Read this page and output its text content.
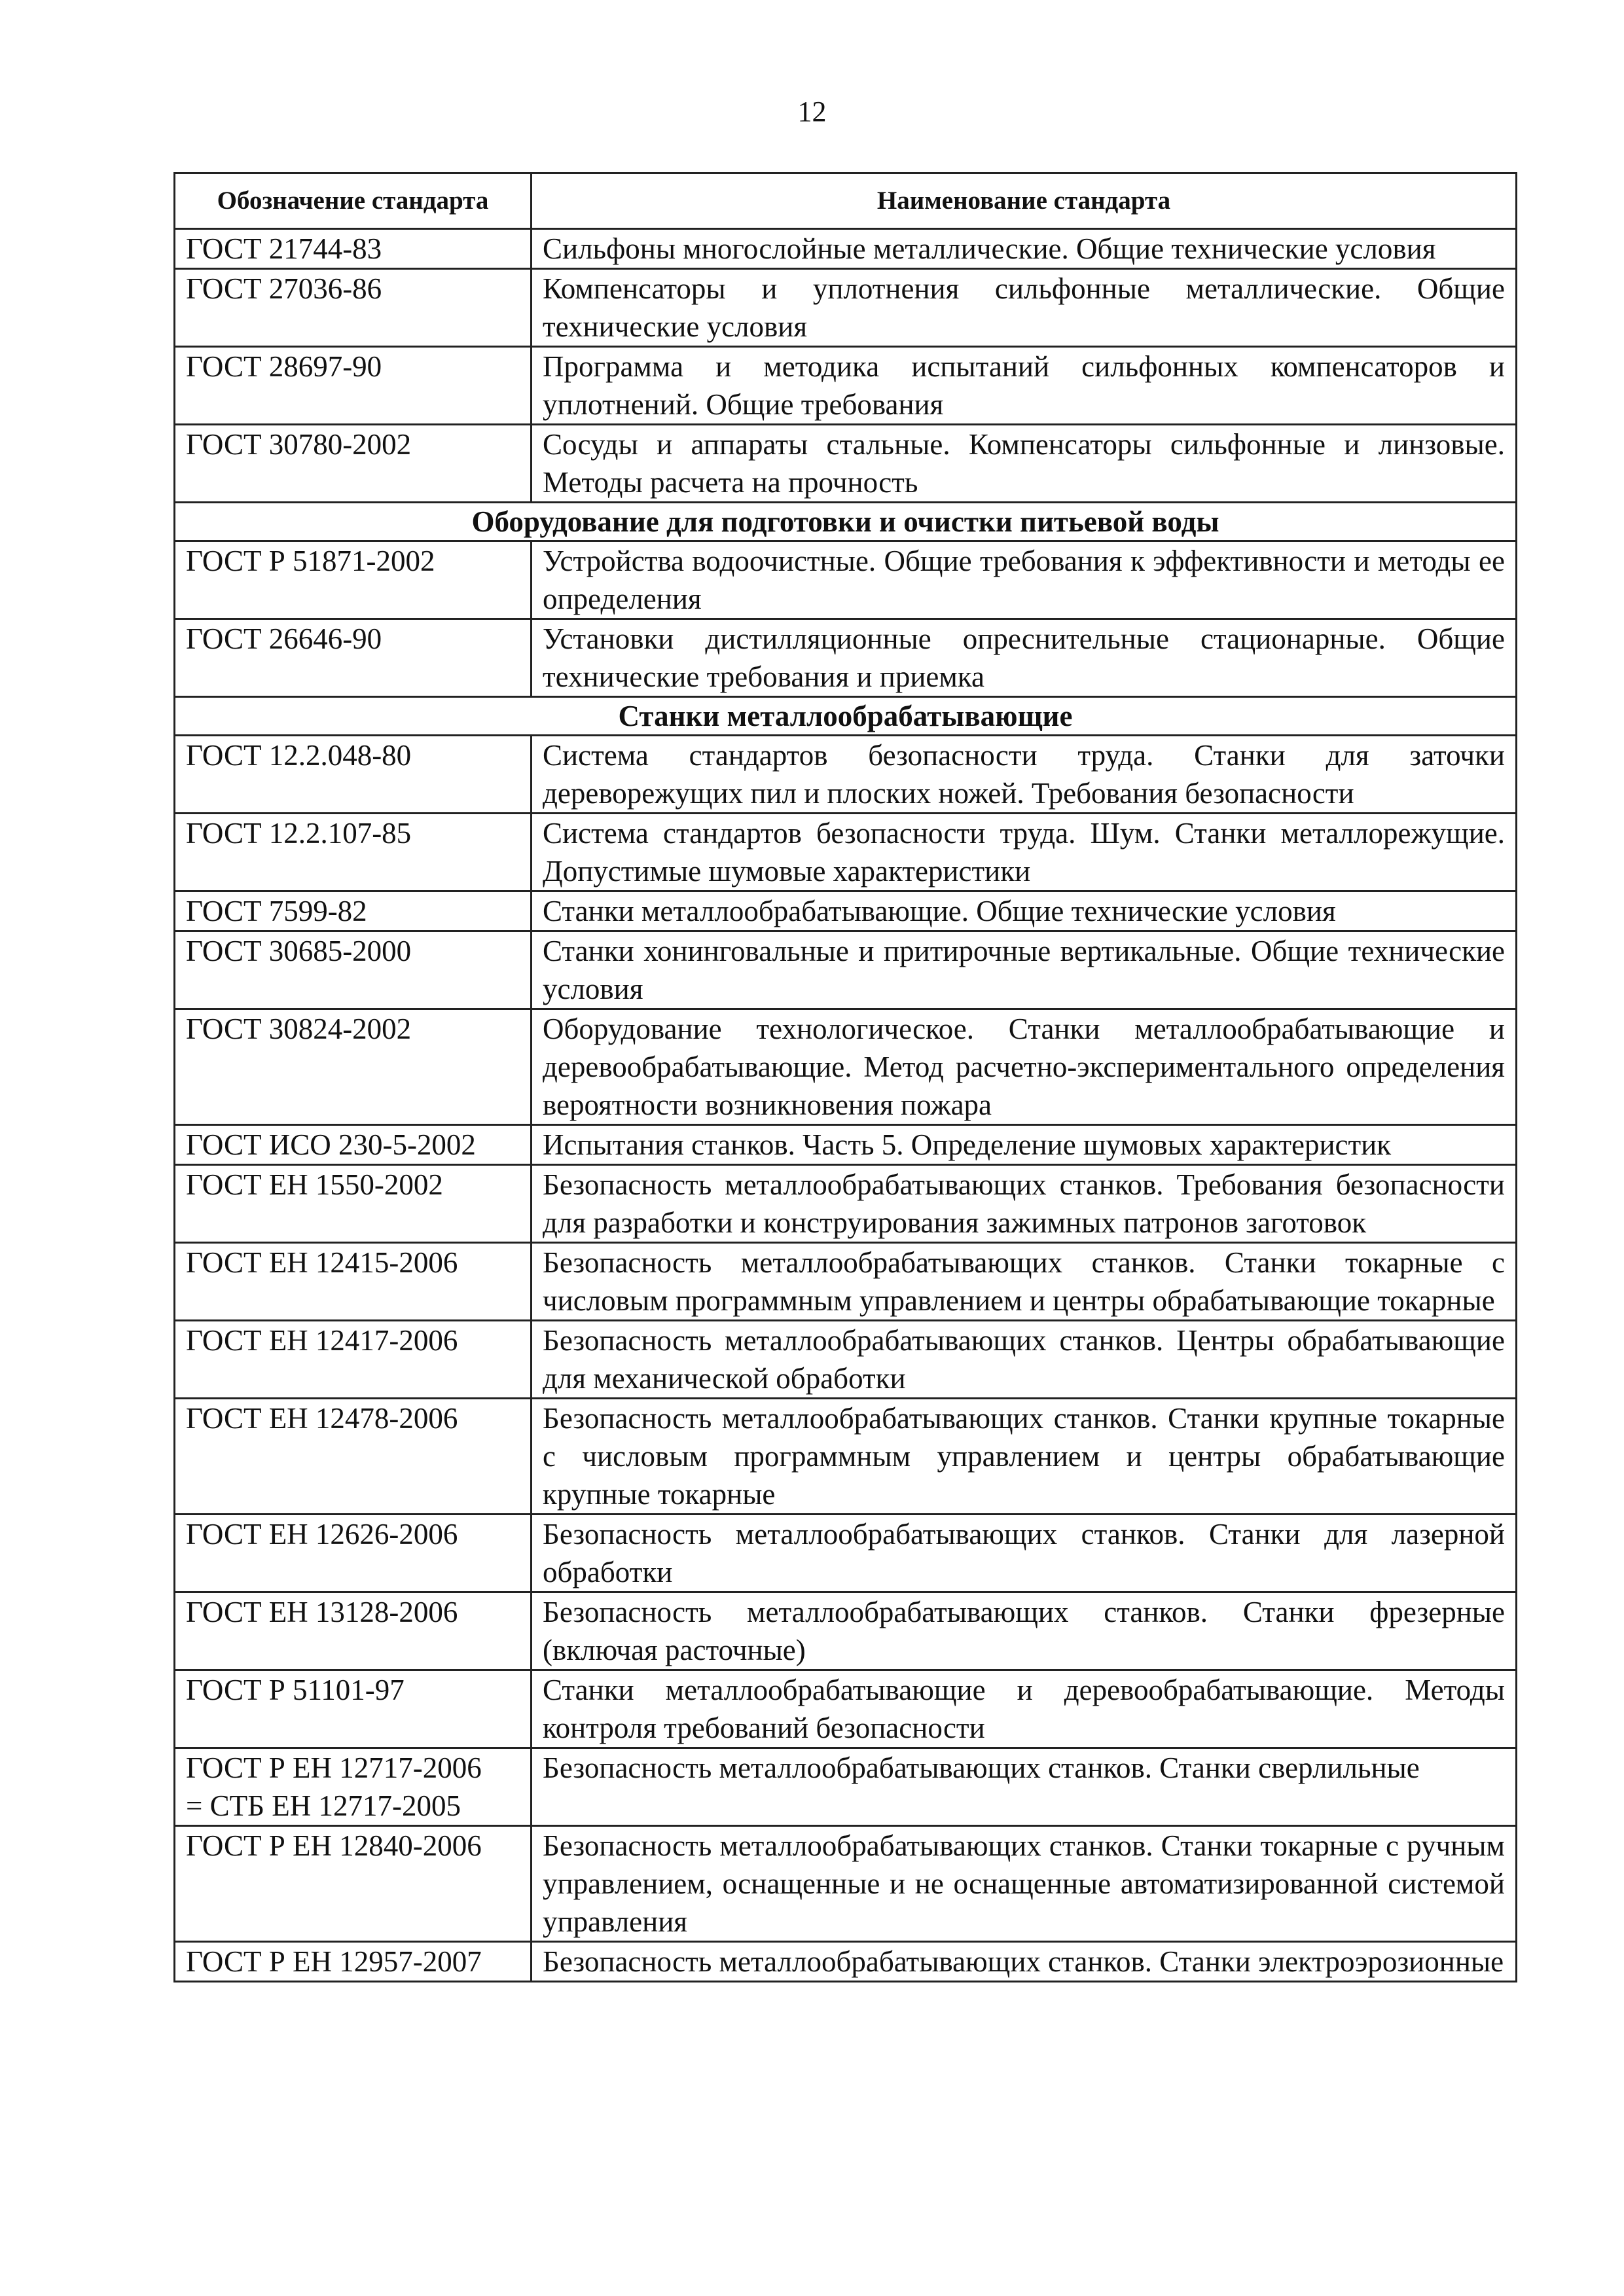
12
Обозначение стандарта	Наименование стандарта

ГОСТ 21744-83	Сильфоны многослойные металлические. Общие технические условия

ГОСТ 27036-86	Компенсаторы и уплотнения сильфонные металлические. Общие технические условия

ГОСТ 28697-90	Программа и методика испытаний сильфонных компенсаторов и уплотнений. Общие требования

ГОСТ 30780-2002	Сосуды и аппараты стальные. Компенсаторы сильфонные и линзовые. Методы расчета на прочность
Оборудование для подготовки и очистки питьевой воды	

ГОСТ Р 51871-2002	Устройства водоочистные. Общие требования к эффективности и методы ее определения

ГОСТ 26646-90	Установки дистилляционные опреснительные стационарные. Общие технические требования и приемка
Станки металлообрабатывающие	

ГОСТ 12.2.048-80	Система стандартов безопасности труда. Станки для заточки дереворежущих пил и плоских ножей. Требования безопасности

ГОСТ 12.2.107-85	Система стандартов безопасности труда. Шум. Станки металлорежущие. Допустимые шумовые характеристики

ГОСТ 7599-82	Станки металлообрабатывающие. Общие технические условия

ГОСТ 30685-2000	Станки хонинговальные и притирочные вертикальные. Общие технические условия

ГОСТ 30824-2002	Оборудование технологическое. Станки металлообрабатывающие и деревообрабатывающие. Метод расчетно-экспериментального определения вероятности возникновения пожара

ГОСТ ИСО 230-5-2002	Испытания станков. Часть 5. Определение шумовых характеристик

ГОСТ ЕН 1550-2002	Безопасность металлообрабатывающих станков. Требования безопасности для разработки и конструирования зажимных патронов заготовок

ГОСТ ЕН 12415-2006	Безопасность металлообрабатывающих станков. Станки токарные с числовым программным управлением и центры обрабатывающие токарные

ГОСТ ЕН 12417-2006	Безопасность металлообрабатывающих станков. Центры обрабатывающие для механической обработки

ГОСТ ЕН 12478-2006	Безопасность металлообрабатывающих станков. Станки крупные токарные с числовым программным управлением и центры обрабатывающие крупные токарные

ГОСТ ЕН 12626-2006	Безопасность металлообрабатывающих станков. Станки для лазерной обработки

ГОСТ ЕН 13128-2006	Безопасность металлообрабатывающих станков. Станки фрезерные (включая расточные)

ГОСТ Р 51101-97	Станки металлообрабатывающие и деревообрабатывающие. Методы контроля требований безопасности

ГОСТ Р ЕН 12717-2006
= СТБ ЕН 12717-2005	Безопасность металлообрабатывающих станков. Станки сверлильные

ГОСТ Р ЕН 12840-2006	Безопасность металлообрабатывающих станков. Станки токарные с ручным управлением, оснащенные и не оснащенные автоматизированной системой управления

ГОСТ Р ЕН 12957-2007	Безопасность металлообрабатывающих станков. Станки электроэрозионные
